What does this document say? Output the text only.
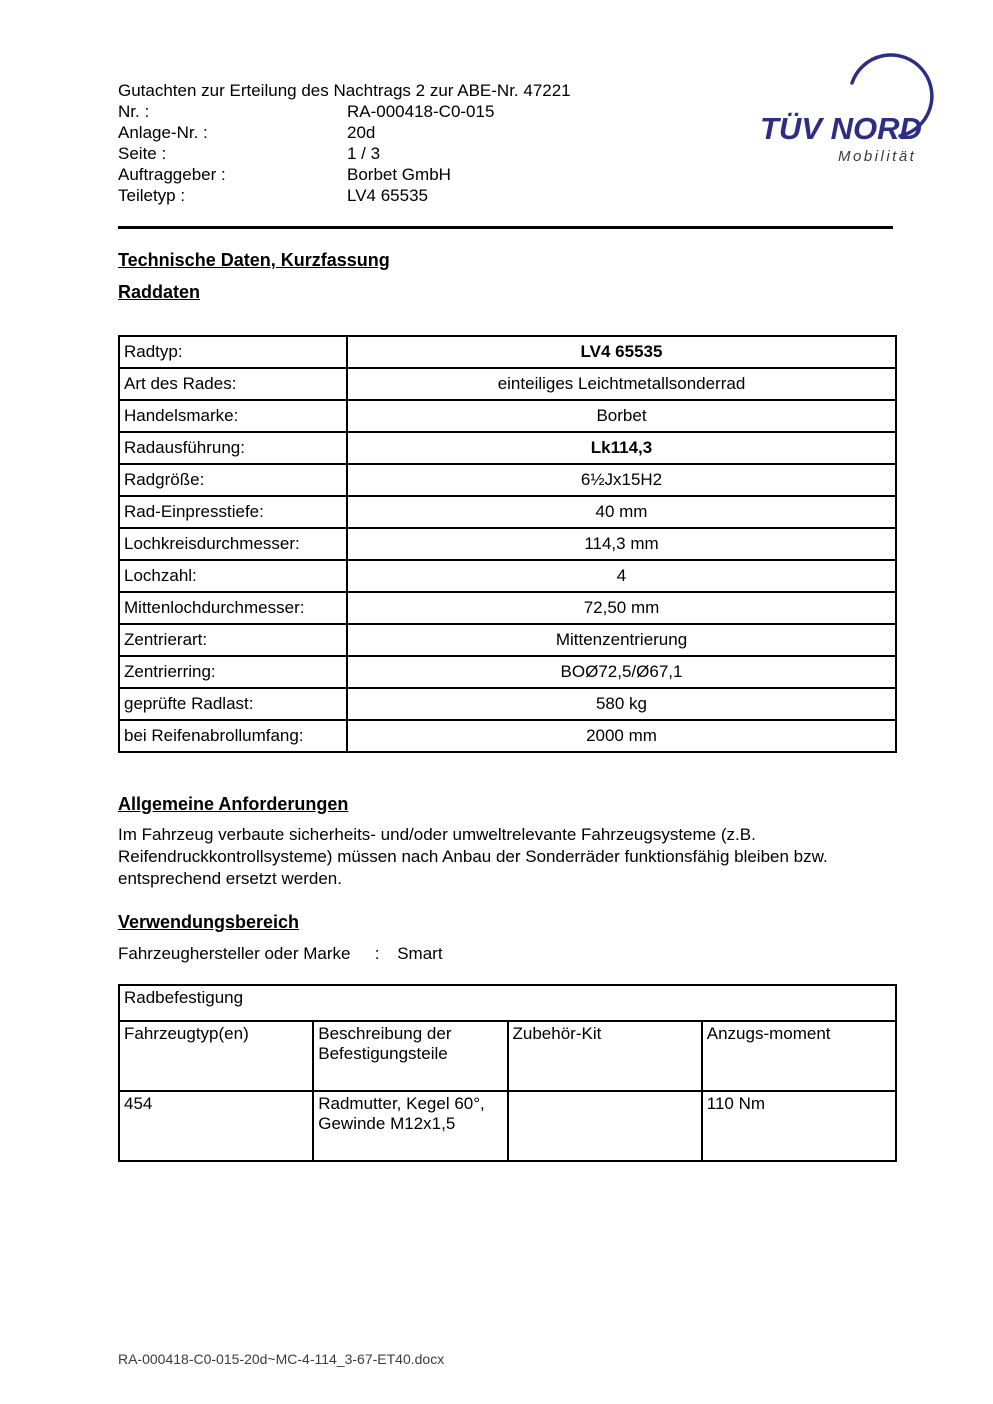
Gutachten zur Erteilung des Nachtrags 2 zur ABE-Nr. 47221
Nr. :	RA-000418-C0-015
Anlage-Nr. :	20d
Seite :	1 / 3
Auftraggeber :	Borbet GmbH
Teiletyp :	LV4 65535
TÜV NORD
Mobilität
Technische Daten, Kurzfassung
Raddaten
Radtyp:	LV4 65535
Art des Rades:	einteiliges Leichtmetallsonderrad
Handelsmarke:	Borbet
Radausführung:	Lk114,3
Radgröße:	6½Jx15H2
Rad-Einpresstiefe:	40 mm
Lochkreisdurchmesser:	114,3 mm
Lochzahl:	4
Mittenlochdurchmesser:	72,50 mm
Zentrierart:	Mittenzentrierung
Zentrierring:	BOØ72,5/Ø67,1
geprüfte Radlast:	580 kg
bei Reifenabrollumfang:	2000 mm
Allgemeine Anforderungen
Im Fahrzeug verbaute sicherheits- und/oder umweltrelevante Fahrzeugsysteme (z.B. Reifendruckkontrollsysteme) müssen nach Anbau der Sonderräder funktionsfähig bleiben bzw. entsprechend ersetzt werden.
Verwendungsbereich
Fahrzeughersteller oder Marke : Smart
Radbefestigung			
Fahrzeugtyp(en)	Beschreibung der Befestigungsteile	Zubehör-Kit	Anzugs-moment
454	Radmutter, Kegel 60°, Gewinde M12x1,5		110 Nm
RA-000418-C0-015-20d~MC-4-114_3-67-ET40.docx
